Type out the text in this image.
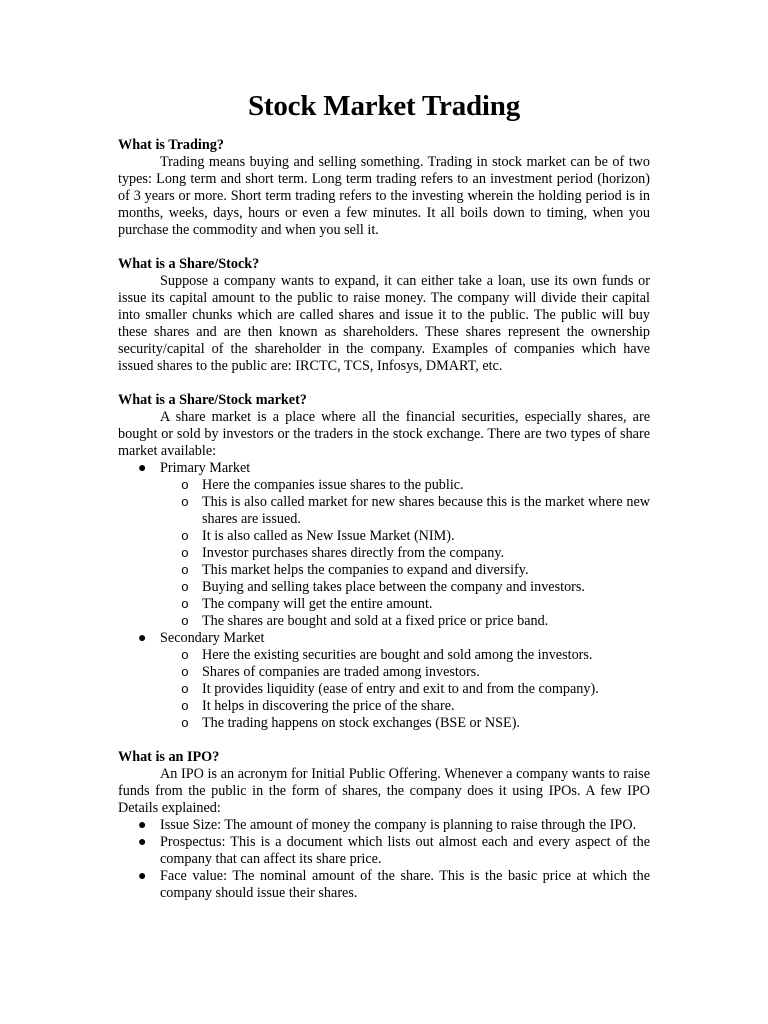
Stock Market Trading

What is Trading?

Trading means buying and selling something. Trading in stock market can be of two types: Long term and short term. Long term trading refers to an investment period (horizon) of 3 years or more. Short term trading refers to the investing wherein the holding period is in months, weeks, days, hours or even a few minutes. It all boils down to timing, when you purchase the commodity and when you sell it.

What is a Share/Stock?

Suppose a company wants to expand, it can either take a loan, use its own funds or issue its capital amount to the public to raise money. The company will divide their capital into smaller chunks which are called shares and issue it to the public. The public will buy these shares and are then known as shareholders. These shares represent the ownership security/capital of the shareholder in the company. Examples of companies which have issued shares to the public are: IRCTC, TCS, Infosys, DMART, etc.

What is a Share/Stock market?

A share market is a place where all the financial securities, especially shares, are bought or sold by investors or the traders in the stock exchange. There are two types of share market available:

● Primary Market
o Here the companies issue shares to the public.
o This is also called market for new shares because this is the market where new shares are issued.
o It is also called as New Issue Market (NIM).
o Investor purchases shares directly from the company.
o This market helps the companies to expand and diversify.
o Buying and selling takes place between the company and investors.
o The company will get the entire amount.
o The shares are bought and sold at a fixed price or price band.
● Secondary Market
o Here the existing securities are bought and sold among the investors.
o Shares of companies are traded among investors.
o It provides liquidity (ease of entry and exit to and from the company).
o It helps in discovering the price of the share.
o The trading happens on stock exchanges (BSE or NSE).

What is an IPO?

An IPO is an acronym for Initial Public Offering. Whenever a company wants to raise funds from the public in the form of shares, the company does it using IPOs. A few IPO Details explained:

● Issue Size: The amount of money the company is planning to raise through the IPO.
● Prospectus: This is a document which lists out almost each and every aspect of the company that can affect its share price.
● Face value: The nominal amount of the share. This is the basic price at which the company should issue their shares.
